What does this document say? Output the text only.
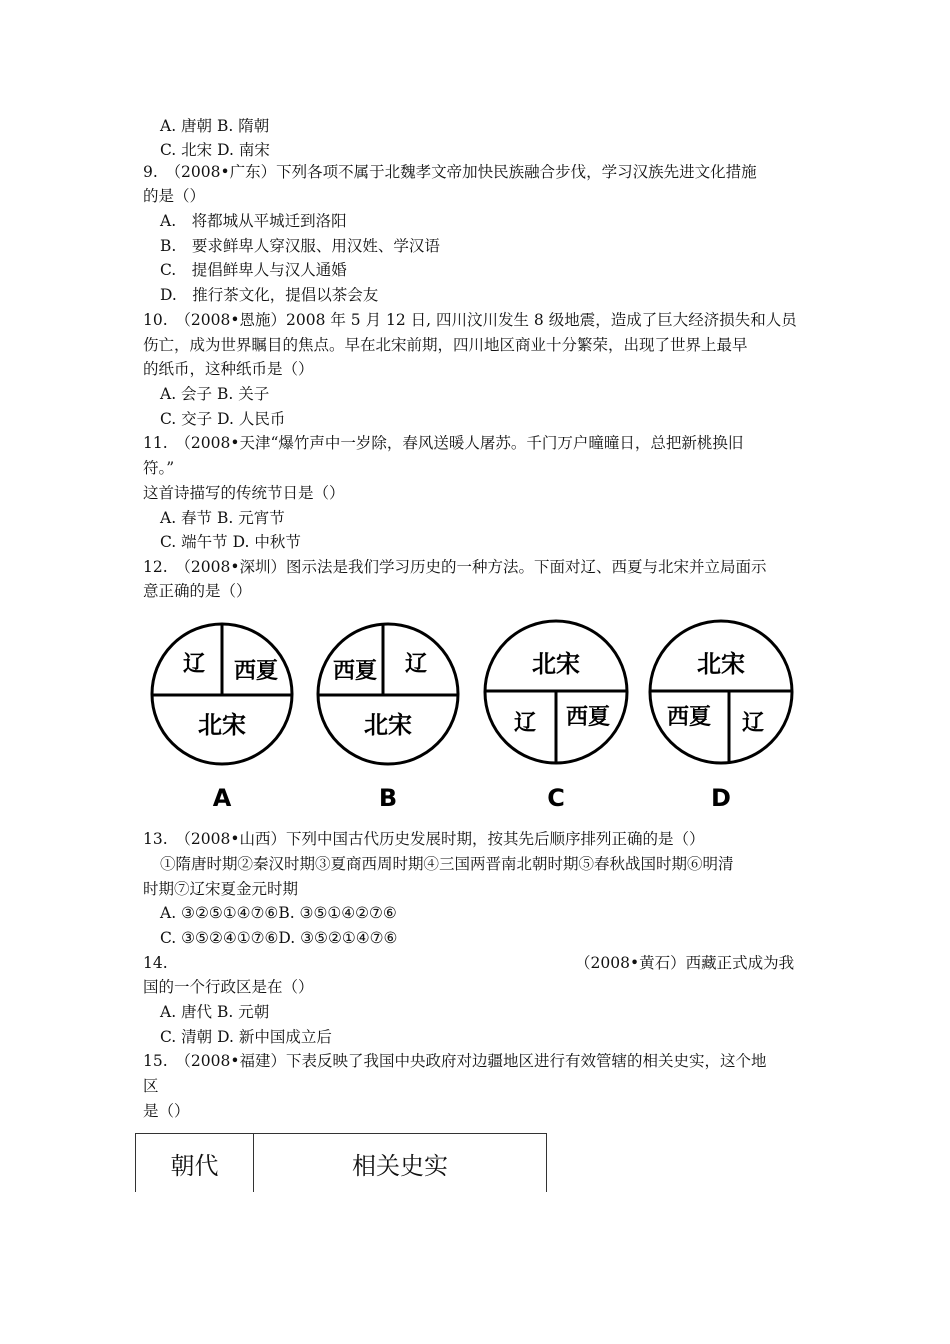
A. 唐朝 B. 隋朝
C. 北宋 D. 南宋
9.　（2008•广东）下列各项不属于北魏孝文帝加快民族融合步伐，学习汉族先进文化措施
的是（）
A.　将都城从平城迁到洛阳
B.　要求鲜卑人穿汉服、用汉姓、学汉语
C.　提倡鲜卑人与汉人通婚
D.　推行茶文化，提倡以茶会友
10.　（2008•恩施）2008 年 5 月 12 日, 四川汶川发生 8 级地震，造成了巨大经济损失和人员
伤亡，成为世界瞩目的焦点。早在北宋前期，四川地区商业十分繁荣，出现了世界上最早
的纸币，这种纸币是（）
A. 会子 B. 关子
C. 交子 D. 人民币
11.　（2008•天津“爆竹声中一岁除，春风送暖人屠苏。千门万户曈曈日，总把新桃换旧
符。”
这首诗描写的传统节日是（）
A. 春节 B. 元宵节
C. 端午节 D. 中秋节
12.　（2008•深圳）图示法是我们学习历史的一种方法。下面对辽、西夏与北宋并立局面示
意正确的是（）
辽 西夏
北宋
A
西夏 辽
北宋
B
北宋
辽 西夏
C
北宋
西夏 辽
D
13.　（2008•山西）下列中国古代历史发展时期，按其先后顺序排列正确的是（）
①隋唐时期②秦汉时期③夏商西周时期④三国两晋南北朝时期⑤春秋战国时期⑥明清
时期⑦辽宋夏金元时期
A. ③②⑤①④⑦⑥B. ③⑤①④②⑦⑥
C. ③⑤②④①⑦⑥D. ③⑤②①④⑦⑥
14.	（2008•黄石）西藏正式成为我
国的一个行政区是在（）
A. 唐代 B. 元朝
C. 清朝 D. 新中国成立后
15.　（2008•福建）下表反映了我国中央政府对边疆地区进行有效管辖的相关史实，这个地
区
是（）
朝代	相关史实
